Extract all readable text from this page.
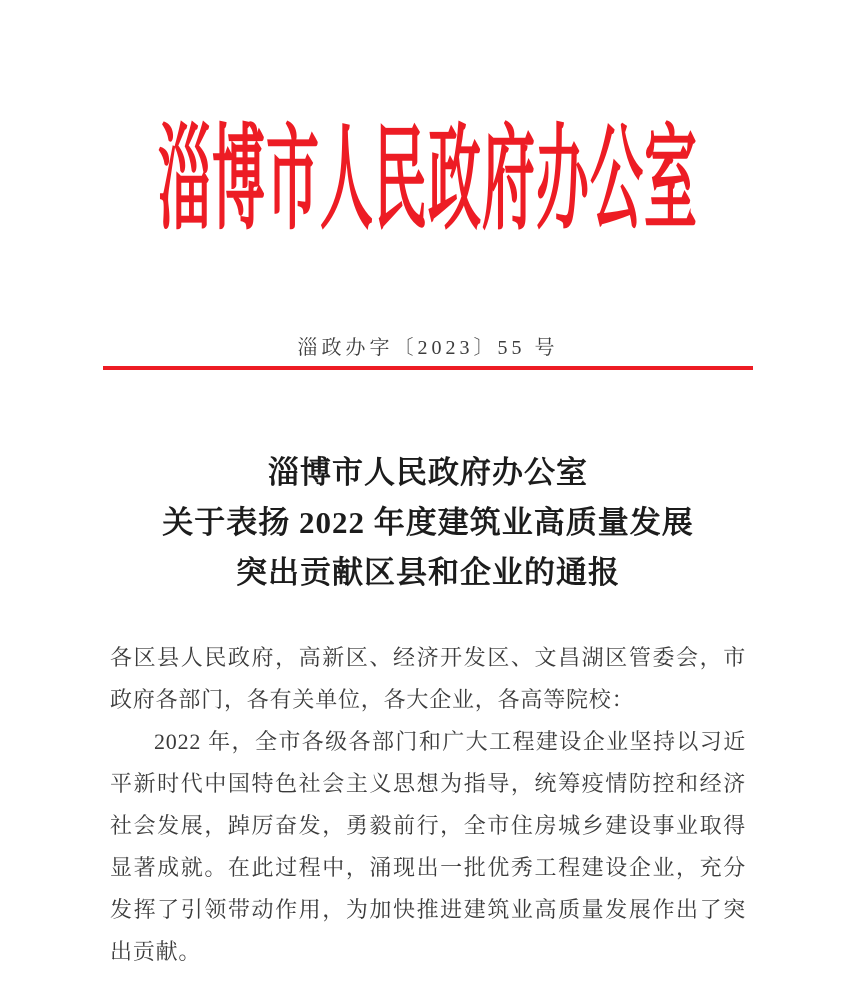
淄博市人民政府办公室
淄政办字〔2023〕55 号
淄博市人民政府办公室
关于表扬 2022 年度建筑业高质量发展
突出贡献区县和企业的通报

各区县人民政府，高新区、经济开发区、文昌湖区管委会，市政府各部门，各有关单位，各大企业，各高等院校：

2022 年，全市各级各部门和广大工程建设企业坚持以习近平新时代中国特色社会主义思想为指导，统筹疫情防控和经济社会发展，踔厉奋发，勇毅前行，全市住房城乡建设事业取得显著成就。在此过程中，涌现出一批优秀工程建设企业，充分发挥了引领带动作用，为加快推进建筑业高质量发展作出了突出贡献。
